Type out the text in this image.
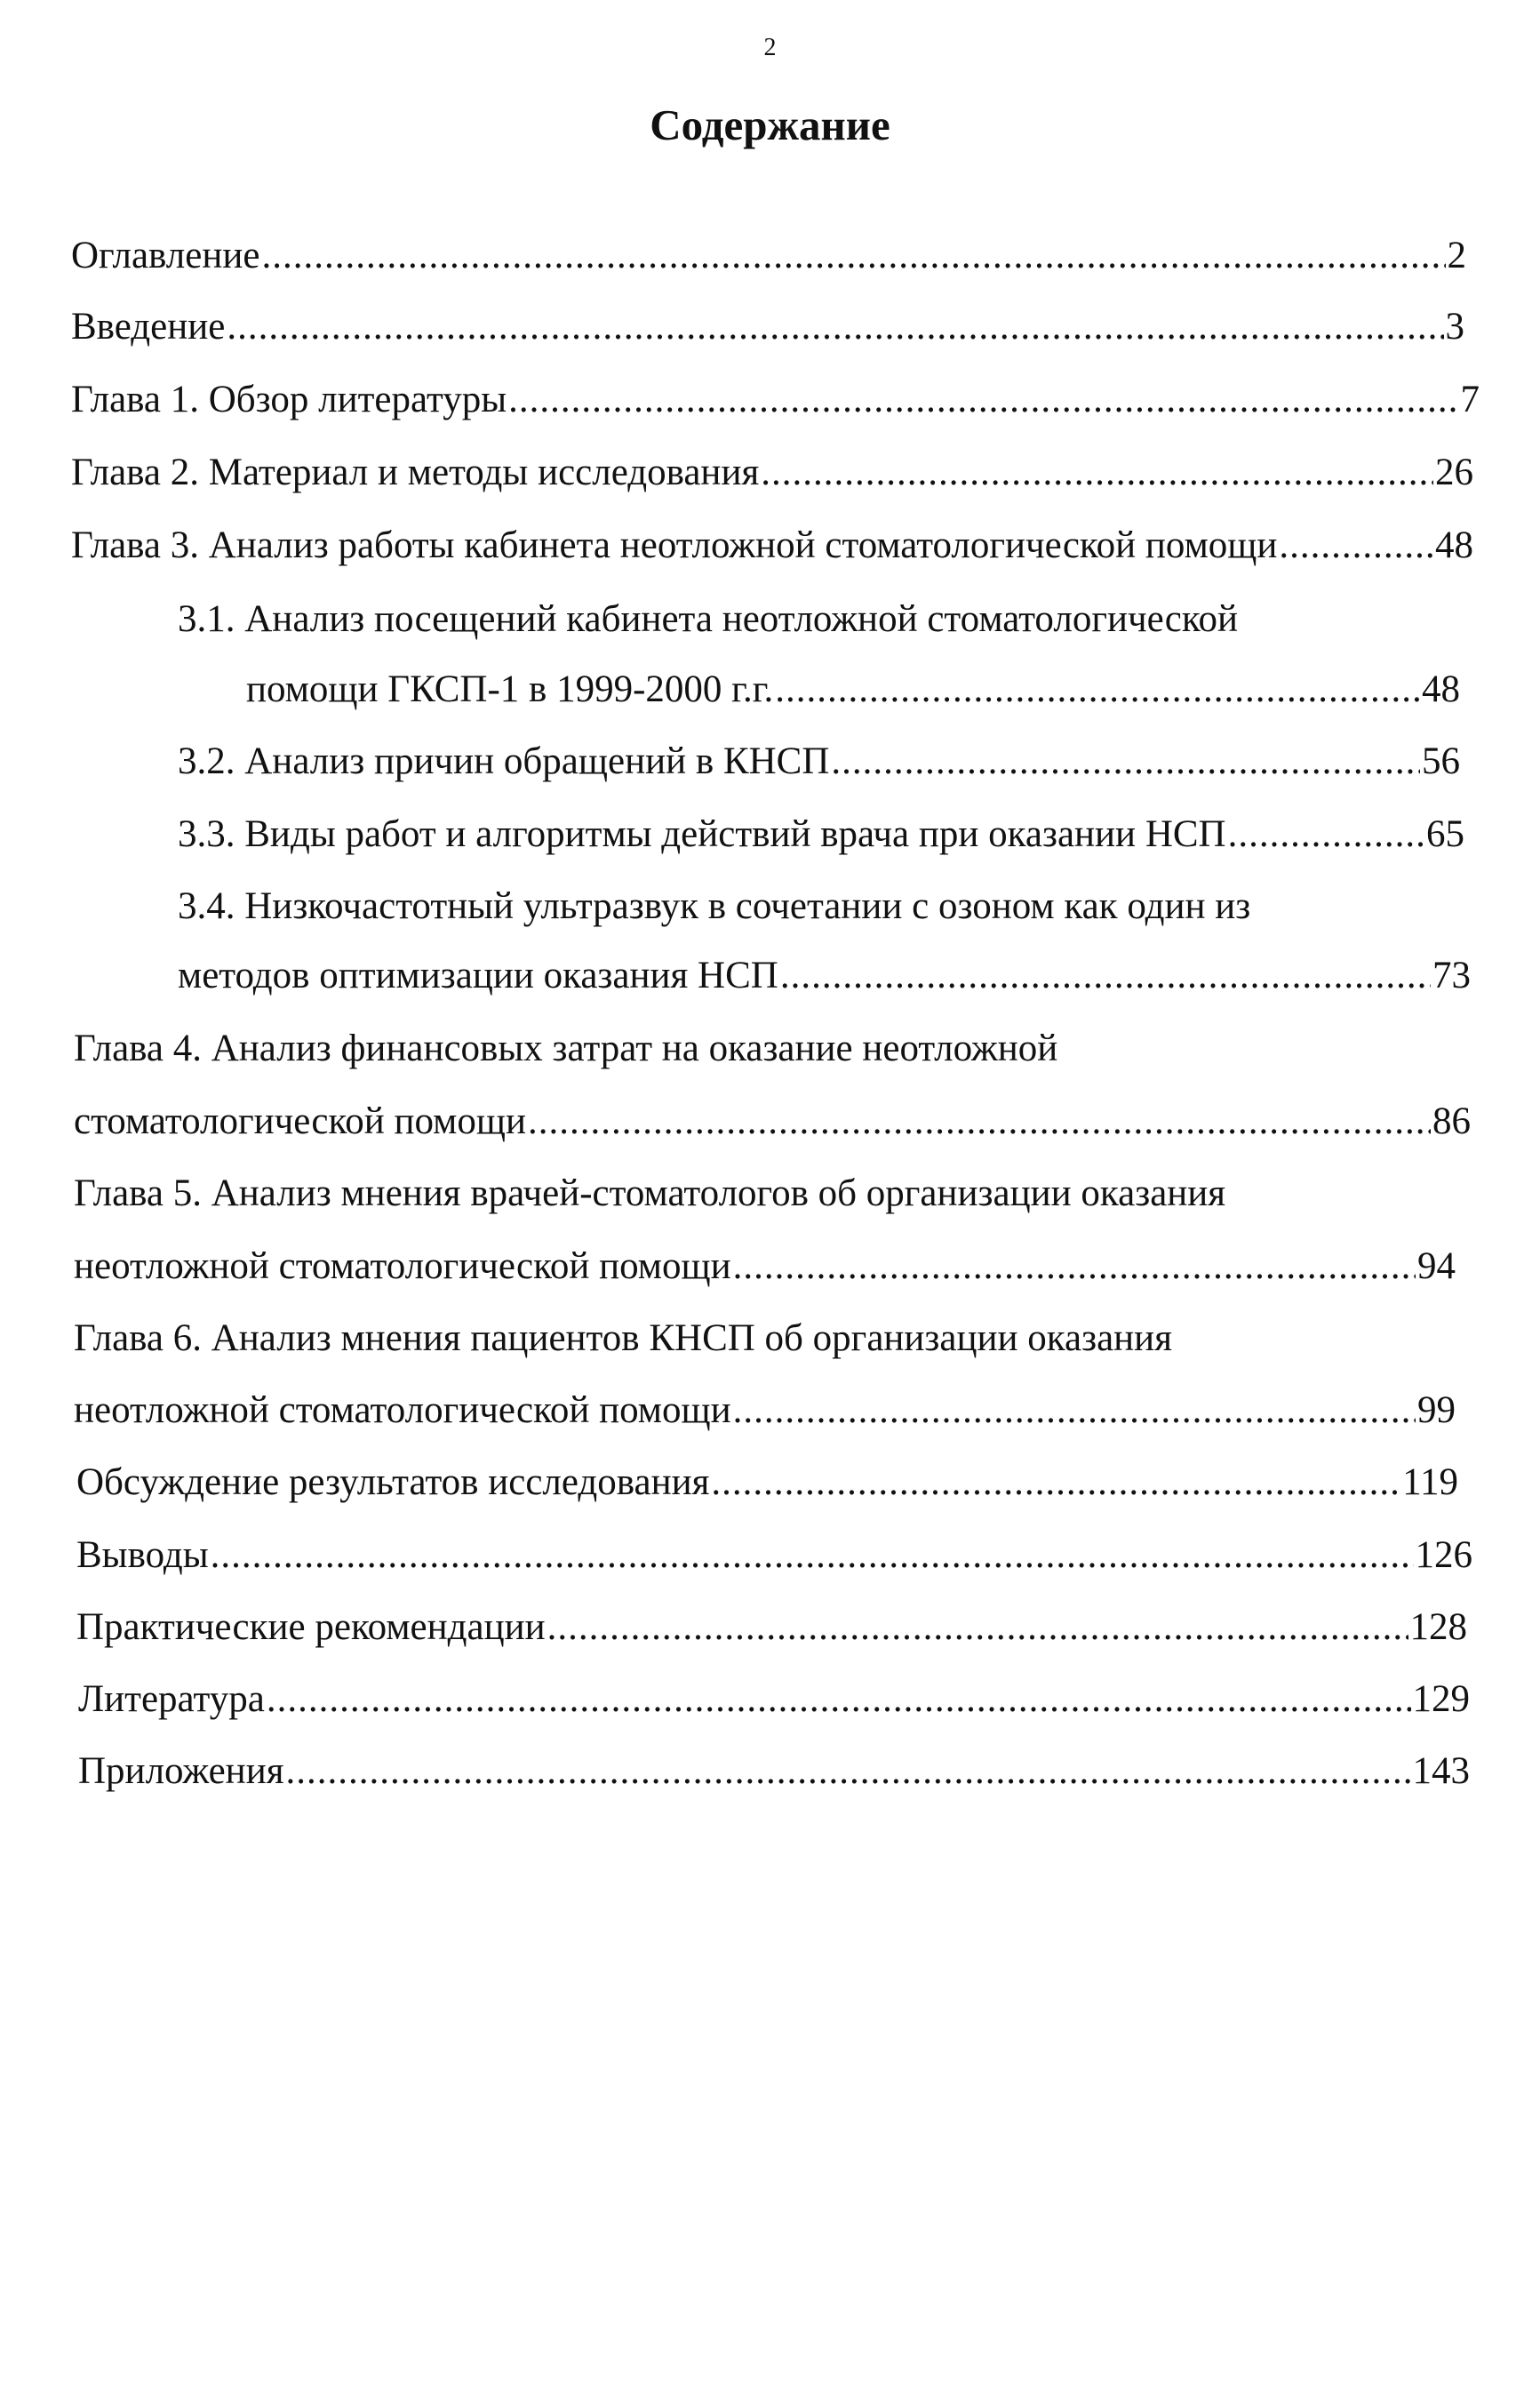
2
Содержание
Оглавление .....	2
Введение .....	3
Глава 1. Обзор литературы .....	7
Глава 2. Материал и методы исследования .....	26
Глава 3. Анализ работы кабинета неотложной стоматологической помощи .....	48
3.1. Анализ посещений кабинета неотложной стоматологической
помощи ГКСП-1 в 1999-2000 г.г. .....	48
3.2. Анализ причин обращений в КНСП .....	56
3.3. Виды работ и алгоритмы действий врача при оказании НСП .....	65
3.4. Низкочастотный ультразвук в сочетании с озоном как один из
методов оптимизации оказания НСП .....	73
Глава 4. Анализ финансовых затрат на оказание неотложной
стоматологической помощи .....	86
Глава 5. Анализ мнения врачей-стоматологов об организации оказания
неотложной стоматологической помощи .....	94
Глава 6. Анализ мнения пациентов КНСП об организации оказания
неотложной стоматологической помощи .....	99
Обсуждение результатов исследования .....	119
Выводы .....	126
Практические рекомендации .....	128
Литература .....	129
Приложения .....	143
